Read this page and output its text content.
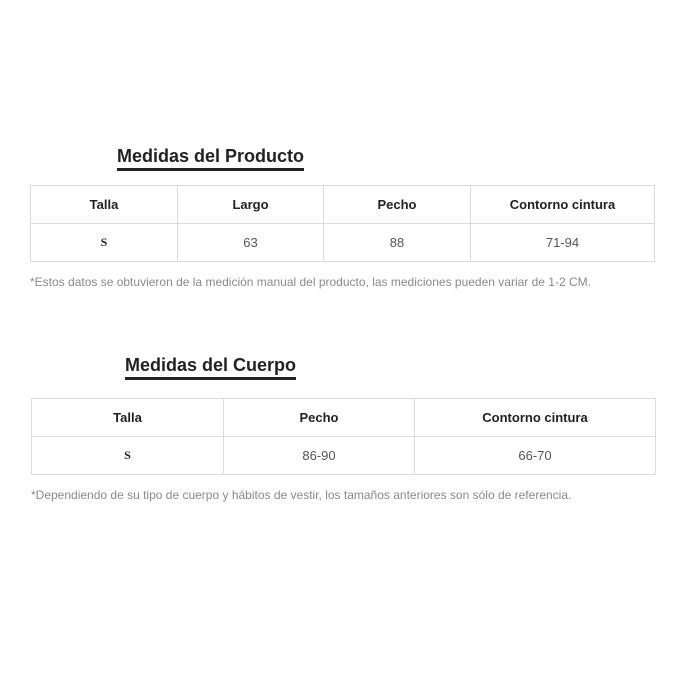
Medidas del Producto
Talla	Largo	Pecho	Contorno cintura
S	63	88	71-94
*Estos datos se obtuvieron de la medición manual del producto, las mediciones pueden variar de 1-2 CM.
Medidas del Cuerpo
Talla	Pecho	Contorno cintura
S	86-90	66-70
*Dependiendo de su tipo de cuerpo y hábitos de vestir, los tamaños anteriores son sólo de referencia.
